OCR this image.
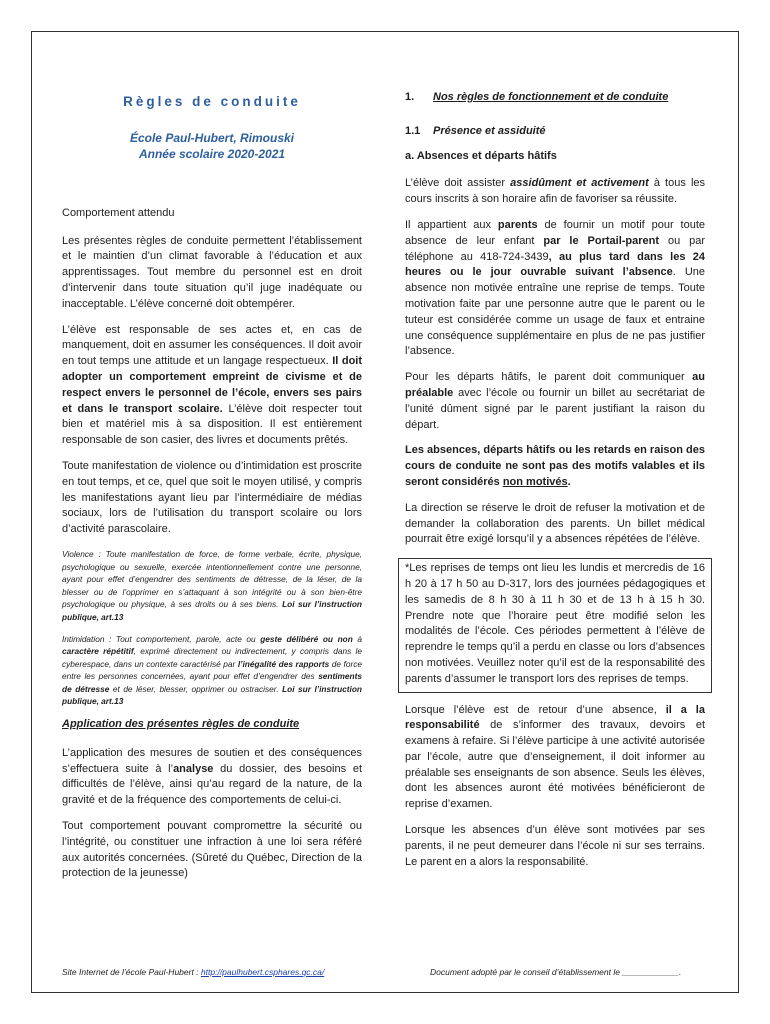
Règles de conduite

École Paul-Hubert, Rimouski

Année scolaire 2020-2021

Comportement attendu

Les présentes règles de conduite permettent l’établissement et le maintien d’un climat favorable à l’éducation et aux apprentissages. Tout membre du personnel est en droit d’intervenir dans toute situation qu’il juge inadéquate ou inacceptable. L’élève concerné doit obtempérer.

L’élève est responsable de ses actes et, en cas de manquement, doit en assumer les conséquences. Il doit avoir en tout temps une attitude et un langage respectueux. Il doit adopter un comportement empreint de civisme et de respect envers le personnel de l’école, envers ses pairs et dans le transport scolaire. L’élève doit respecter tout bien et matériel mis à sa disposition. Il est entièrement responsable de son casier, des livres et documents prêtés.

Toute manifestation de violence ou d’intimidation est proscrite en tout temps, et ce, quel que soit le moyen utilisé, y compris les manifestations ayant lieu par l’intermédiaire de médias sociaux, lors de l’utilisation du transport scolaire ou lors d’activité parascolaire.

Violence : Toute manifestation de force, de forme verbale, écrite, physique, psychologique ou sexuelle, exercée intentionnellement contre une personne, ayant pour effet d’engendrer des sentiments de détresse, de la léser, de la blesser ou de l’opprimer en s’attaquant à son intégrité ou à son bien-être psychologique ou physique, à ses droits ou à ses biens. Loi sur l’instruction publique, art.13

Intimidation : Tout comportement, parole, acte ou geste délibéré ou non à caractère répétitif, exprimé directement ou indirectement, y compris dans le cyberespace, dans un contexte caractérisé par l’inégalité des rapports de force entre les personnes concernées, ayant pour effet d’engendrer des sentiments de détresse et de léser, blesser, opprimer ou ostraciser. Loi sur l’instruction publique, art.13

Application des présentes règles de conduite

L’application des mesures de soutien et des conséquences s’effectuera suite à l’analyse du dossier, des besoins et difficultés de l’élève, ainsi qu’au regard de la nature, de la gravité et de la fréquence des comportements de celui-ci.

Tout comportement pouvant compromettre la sécurité ou l’intégrité, ou constituer une infraction à une loi sera référé aux autorités concernées. (Sûreté du Québec, Direction de la protection de la jeunesse)

1. Nos règles de fonctionnement et de conduite
1.1 Présence et assiduité
a. Absences et départs hâtifs

L’élève doit assister assidûment et activement à tous les cours inscrits à son horaire afin de favoriser sa réussite.

Il appartient aux parents de fournir un motif pour toute absence de leur enfant par le Portail-parent ou par téléphone au 418-724-3439, au plus tard dans les 24 heures ou le jour ouvrable suivant l’absence. Une absence non motivée entraîne une reprise de temps. Toute motivation faite par une personne autre que le parent ou le tuteur est considérée comme un usage de faux et entraine une conséquence supplémentaire en plus de ne pas justifier l’absence.

Pour les départs hâtifs, le parent doit communiquer au préalable avec l’école ou fournir un billet au secrétariat de l’unité dûment signé par le parent justifiant la raison du départ.

Les absences, départs hâtifs ou les retards en raison des cours de conduite ne sont pas des motifs valables et ils seront considérés non motivés.

La direction se réserve le droit de refuser la motivation et de demander la collaboration des parents. Un billet médical pourrait être exigé lorsqu’il y a absences répétées de l’élève.

*Les reprises de temps ont lieu les lundis et mercredis de 16 h 20 à 17 h 50 au D-317, lors des journées pédagogiques et les samedis de 8 h 30 à 11 h 30 et de 13 h à 15 h 30. Prendre note que l’horaire peut être modifié selon les modalités de l’école. Ces périodes permettent à l’élève de reprendre le temps qu’il a perdu en classe ou lors d’absences non motivées. Veuillez noter qu’il est de la responsabilité des parents d’assumer le transport lors des reprises de temps.

Lorsque l’élève est de retour d’une absence, il a la responsabilité de s’informer des travaux, devoirs et examens à refaire. Si l’élève participe à une activité autorisée par l’école, autre que d’enseignement, il doit informer au préalable ses enseignants de son absence. Seuls les élèves, dont les absences auront été motivées bénéficieront de reprise d’examen.

Lorsque les absences d’un élève sont motivées par ses parents, il ne peut demeurer dans l’école ni sur ses terrains. Le parent en a alors la responsabilité.

Site Internet de l’école Paul-Hubert : http://paulhubert.csphares.qc.ca/	Document adopté par le conseil d’établissement le ____________.
